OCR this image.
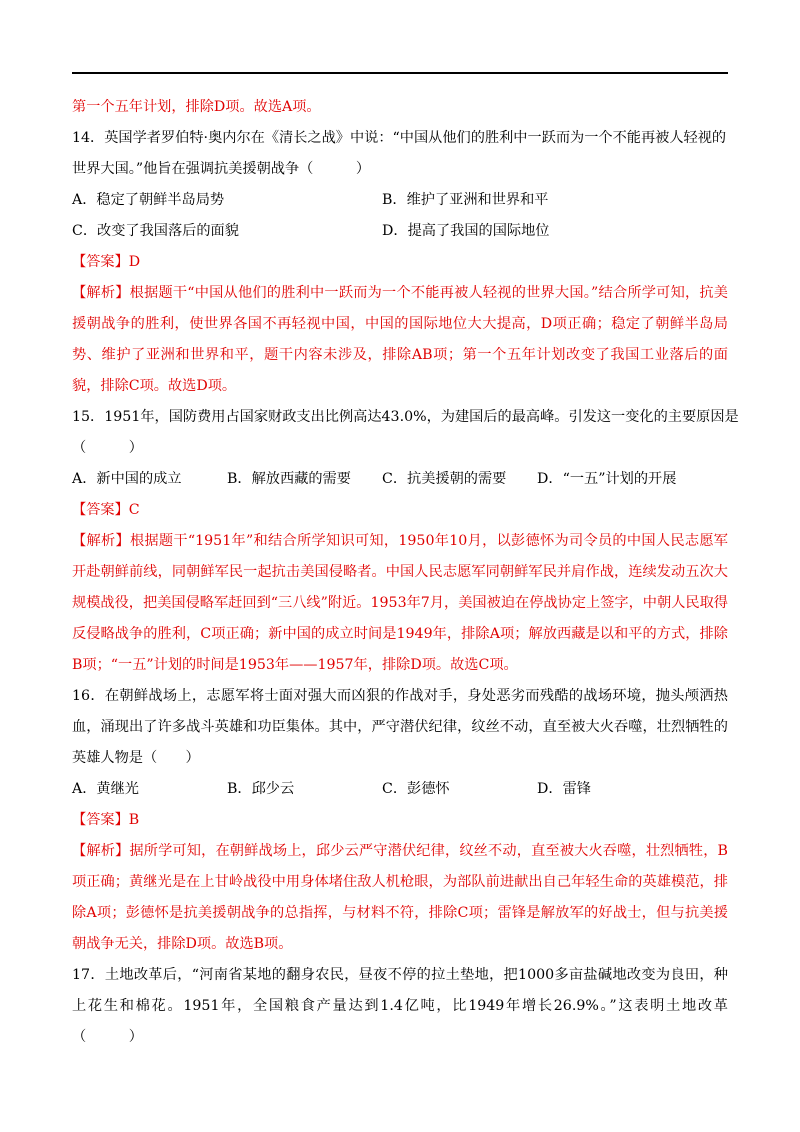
第一个五年计划，排除D项。故选A项。
14．英国学者罗伯特·奥内尔在《清长之战》中说：“中国从他们的胜利中一跃而为一个不能再被人轻视的
世界大国。”他旨在强调抗美援朝战争（　　　）
A．稳定了朝鲜半岛局势	B．维护了亚洲和世界和平
C．改变了我国落后的面貌	D．提高了我国的国际地位
【答案】D
【解析】根据题干“中国从他们的胜利中一跃而为一个不能再被人轻视的世界大国。”结合所学可知，抗美援朝战争的胜利，使世界各国不再轻视中国，中国的国际地位大大提高，D项正确；稳定了朝鲜半岛局势、维护了亚洲和世界和平，题干内容未涉及，排除AB项；第一个五年计划改变了我国工业落后的面貌，排除C项。故选D项。
15．1951年，国防费用占国家财政支出比例高达43.0%，为建国后的最高峰。引发这一变化的主要原因是
（　　　）
A．新中国的成立	B．解放西藏的需要	C．抗美援朝的需要	D．“一五”计划的开展
【答案】C
【解析】根据题干“1951年”和结合所学知识可知，1950年10月，以彭德怀为司令员的中国人民志愿军开赴朝鲜前线，同朝鲜军民一起抗击美国侵略者。中国人民志愿军同朝鲜军民并肩作战，连续发动五次大规模战役，把美国侵略军赶回到“三八线”附近。1953年7月，美国被迫在停战协定上签字，中朝人民取得反侵略战争的胜利，C项正确；新中国的成立时间是1949年，排除A项；解放西藏是以和平的方式，排除B项；“一五”计划的时间是1953年——1957年，排除D项。故选C项。
16．在朝鲜战场上，志愿军将士面对强大而凶狠的作战对手，身处恶劣而残酷的战场环境，抛头颅洒热血，涌现出了许多战斗英雄和功臣集体。其中，严守潜伏纪律，纹丝不动，直至被大火吞噬，壮烈牺牲的英雄人物是（　　）
A．黄继光	B．邱少云	C．彭德怀	D．雷锋
【答案】B
【解析】据所学可知，在朝鲜战场上，邱少云严守潜伏纪律，纹丝不动，直至被大火吞噬，壮烈牺牲，B项正确；黄继光是在上甘岭战役中用身体堵住敌人机枪眼，为部队前进献出自己年轻生命的英雄模范，排除A项；彭德怀是抗美援朝战争的总指挥，与材料不符，排除C项；雷锋是解放军的好战士，但与抗美援朝战争无关，排除D项。故选B项。
17．土地改革后，“河南省某地的翻身农民，昼夜不停的拉土垫地，把1000多亩盐碱地改变为良田，种上花生和棉花。1951年，全国粮食产量达到1.4亿吨，比1949年增长26.9%。”这表明土地改革（　　　）
